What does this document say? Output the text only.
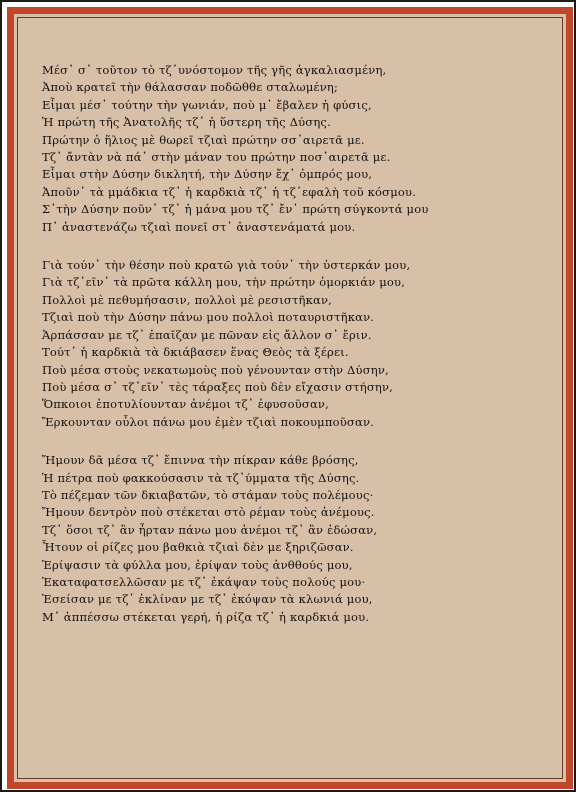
Μέσ᾽ σ᾽ τοῦτον τὸ τζ᾽υνόστομον τῆς γῆς ἀγκαλιασμένη,
Ἀποὺ κρατεῖ τὴν θάλασσαν ποδῶθθε σταλωμένη;
Εἶμαι μέσ᾽ τούτην τὴν γωνιάν, ποὺ μ᾽ ἔβαλεν ἡ φύσις,
Ἡ πρώτη τῆς Ἀνατολῆς τζ᾽ ἡ ὕστερη τῆς Δύσης.
Πρώτην ὁ ἥλιος μὲ θωρεῖ τζιαὶ πρώτην σσ᾽αιρετᾶ με.
Τζ᾽ ἄντὰν νὰ πά᾽ στὴν μάναν του πρώτην ποσ᾽αιρετᾶ με.
Εἶμαι στὴν Δύσην δικλητή, τὴν Δύσην ἔχ᾽ ὀμπρός μου,
Ἀποῦν᾽ τὰ μμάδκια τζ᾽ ἡ καρδκιὰ τζ᾽ ἡ τζ᾽εφαλὴ τοῦ κόσμου.
Σ᾽τὴν Δύσην ποῦν᾽ τζ᾽ ἡ μάνα μου τζ᾽ ἔν᾽ πρώτη σύγκοντά μου
Π᾽ ἀναστενάζω τζιαὶ πονεῖ στ᾽ ἀναστενάματά μου.
Γιὰ τούν᾽ τὴν θέσην ποὺ κρατῶ γιὰ τούν᾽ τὴν ὑστερκάν μου,
Γιὰ τζ᾽εῖν᾽ τὰ πρῶτα κάλλη μου, τὴν πρώτην ὀμορκιάν μου,
Πολλοὶ μὲ πεθυμήσασιν, πολλοὶ μὲ ρεσιστῆκαν,
Τζιαὶ ποὺ τὴν Δύσην πάνω μου πολλοὶ ποταυριστῆκαν.
Ἁρπάσσαν με τζ᾽ ἐπαῖζαν με πῶναν εἰς ἄλλον σ᾽ ἔριν.
Τούτ᾽ ἡ καρδκιὰ τὰ δκιάβασεν ἕνας Θεὸς τὰ ξέρει.
Ποὺ μέσα στοὺς νεκατωμοὺς ποὺ γένουνταν στὴν Δύσην,
Ποὺ μέσα σ᾽ τζ᾽εῖν᾽ τὲς τάραξες ποὺ δὲν εἴχασιν στήσην,
Ὅπκοιοι ἐποτυλίουνταν ἀνέμοι τζ᾽ ἐφυσοῦσαν,
Ἔρκουνταν οὗλοι πάνω μου ἐμὲν τζιαὶ ποκουμποῦσαν.
Ἤμουν δᾶ μέσα τζ᾽ ἔπιννα τὴν πίκραν κάθε βρόσης,
Ἡ πέτρα ποὺ φακκούσασιν τὰ τζ᾽ύμματα τῆς Δύσης.
Τὸ πέζεμαν τῶν δκιαβατῶν, τὸ στάμαν τοὺς πολέμους·
Ἤμουν δεντρὸν ποὺ στέκεται στὸ ρέμαν τοὺς ἀνέμους.
Τζ᾽ ὅσοι τζ᾽ ἂν ἦρταν πάνω μου ἀνέμοι τζ᾽ ἂν ἐδώσαν,
Ἦτουν οἱ ρίζες μου βαθκιὰ τζιαὶ δὲν με ξηριζῶσαν.
Ἐρίψασιν τὰ φύλλα μου, ἐρίψαν τοὺς ἀνθθούς μου,
Ἐκαταφατσελλῶσαν με τζ᾽ ἐκάψαν τοὺς πολούς μου·
Ἐσείσαν με τζ᾽ ἐκλίναν με τζ᾽ ἐκόψαν τὰ κλωνιά μου,
Μ᾽ ἀππέσσω στέκεται γερή, ἡ ρίζα τζ᾽ ἡ καρδκιά μου.
